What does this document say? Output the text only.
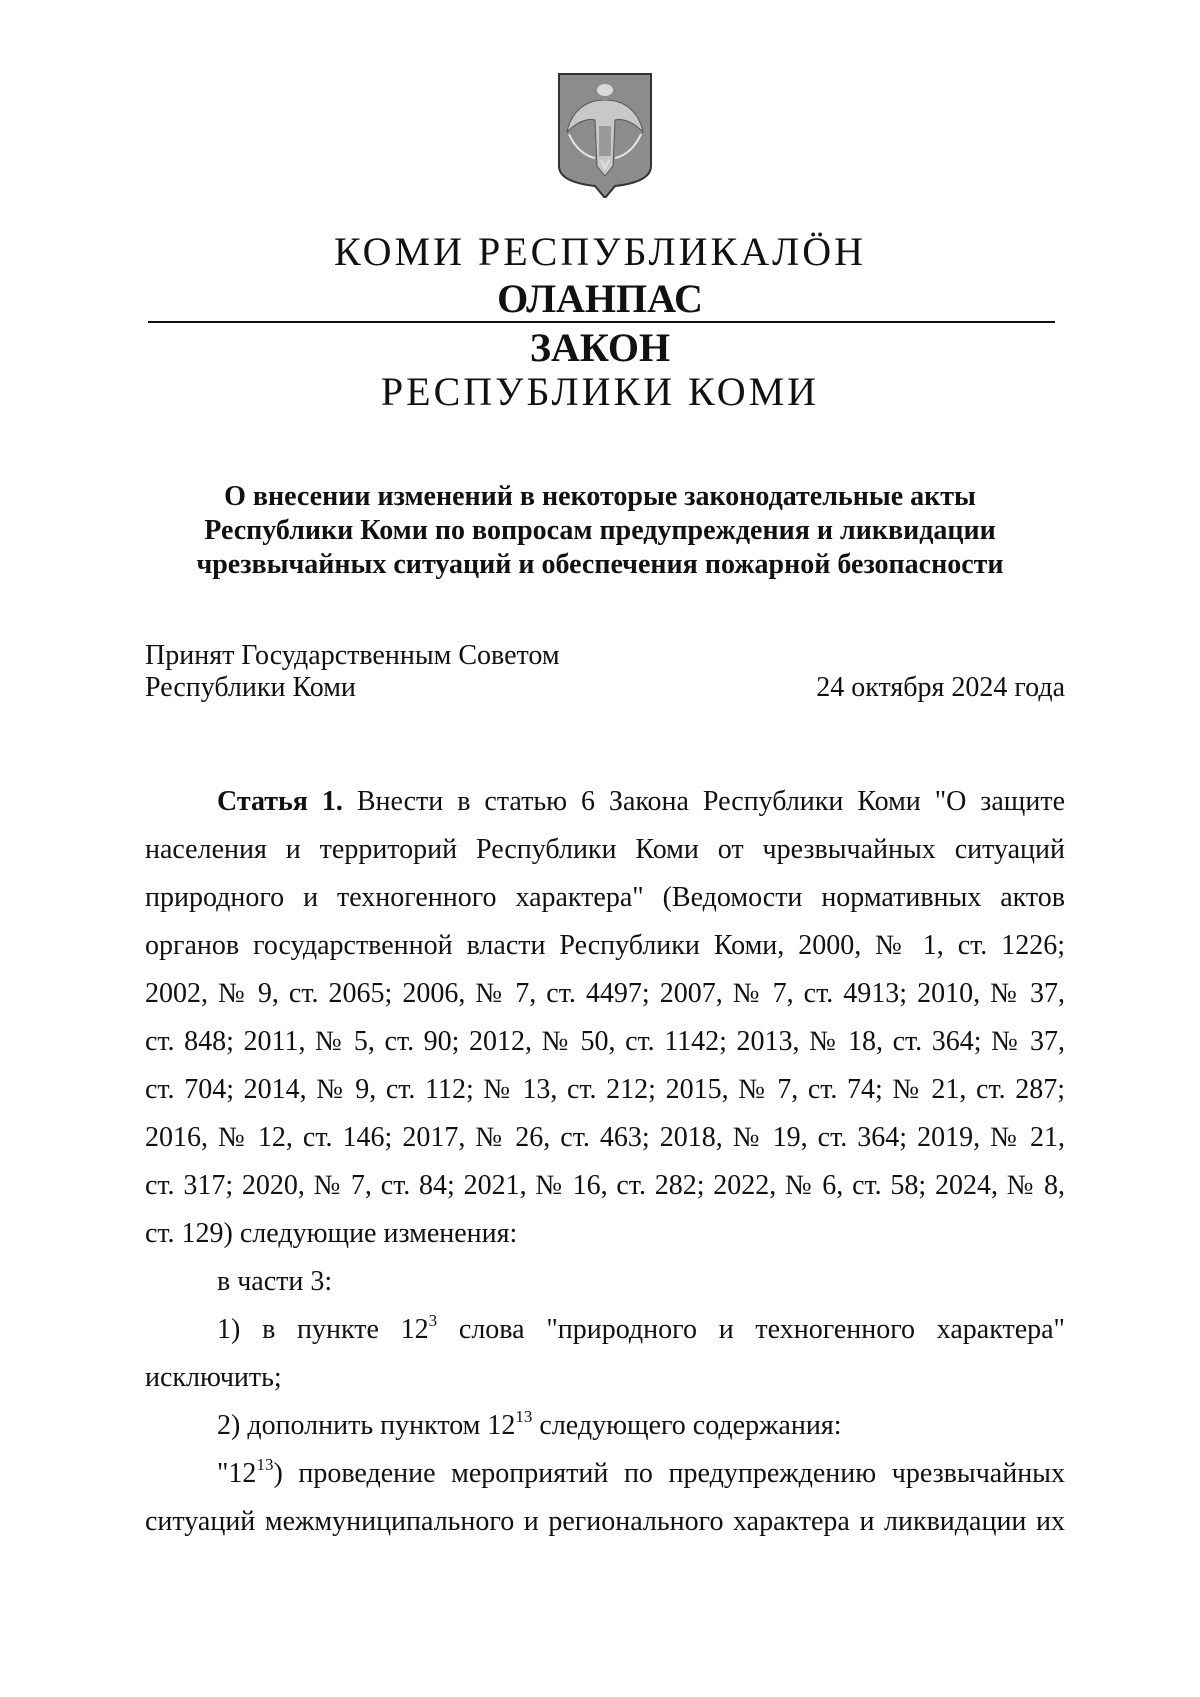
КОМИ РЕСПУБЛИКАЛӦН
ОЛАНПАС
ЗАКОН
РЕСПУБЛИКИ КОМИ
О внесении изменений в некоторые законодательные акты
Республики Коми по вопросам предупреждения и ликвидации
чрезвычайных ситуаций и обеспечения пожарной безопасности
Принят Государственным Советом
Республики Коми	24 октября 2024 года
Статья 1. Внести в статью 6 Закона Республики Коми "О защите
населения и территорий Республики Коми от чрезвычайных ситуаций
природного и техногенного характера" (Ведомости нормативных актов
органов государственной власти Республики Коми, 2000, № 1, ст. 1226;
2002, № 9, ст. 2065; 2006, № 7, ст. 4497; 2007, № 7, ст. 4913; 2010, № 37,
ст. 848; 2011, № 5, ст. 90; 2012, № 50, ст. 1142; 2013, № 18, ст. 364; № 37,
ст. 704; 2014, № 9, ст. 112; № 13, ст. 212; 2015, № 7, ст. 74; № 21, ст. 287;
2016, № 12, ст. 146; 2017, № 26, ст. 463; 2018, № 19, ст. 364; 2019, № 21,
ст. 317; 2020, № 7, ст. 84; 2021, № 16, ст. 282; 2022, № 6, ст. 58; 2024, № 8,
ст. 129) следующие изменения:
в части 3:
1) в пункте $12^3$ слова "природного и техногенного характера"
исключить;
2) дополнить пунктом $12^{13}$ следующего содержания:
"$12^{13}$) проведение мероприятий по предупреждению чрезвычайных
ситуаций межмуниципального и регионального характера и ликвидации их
